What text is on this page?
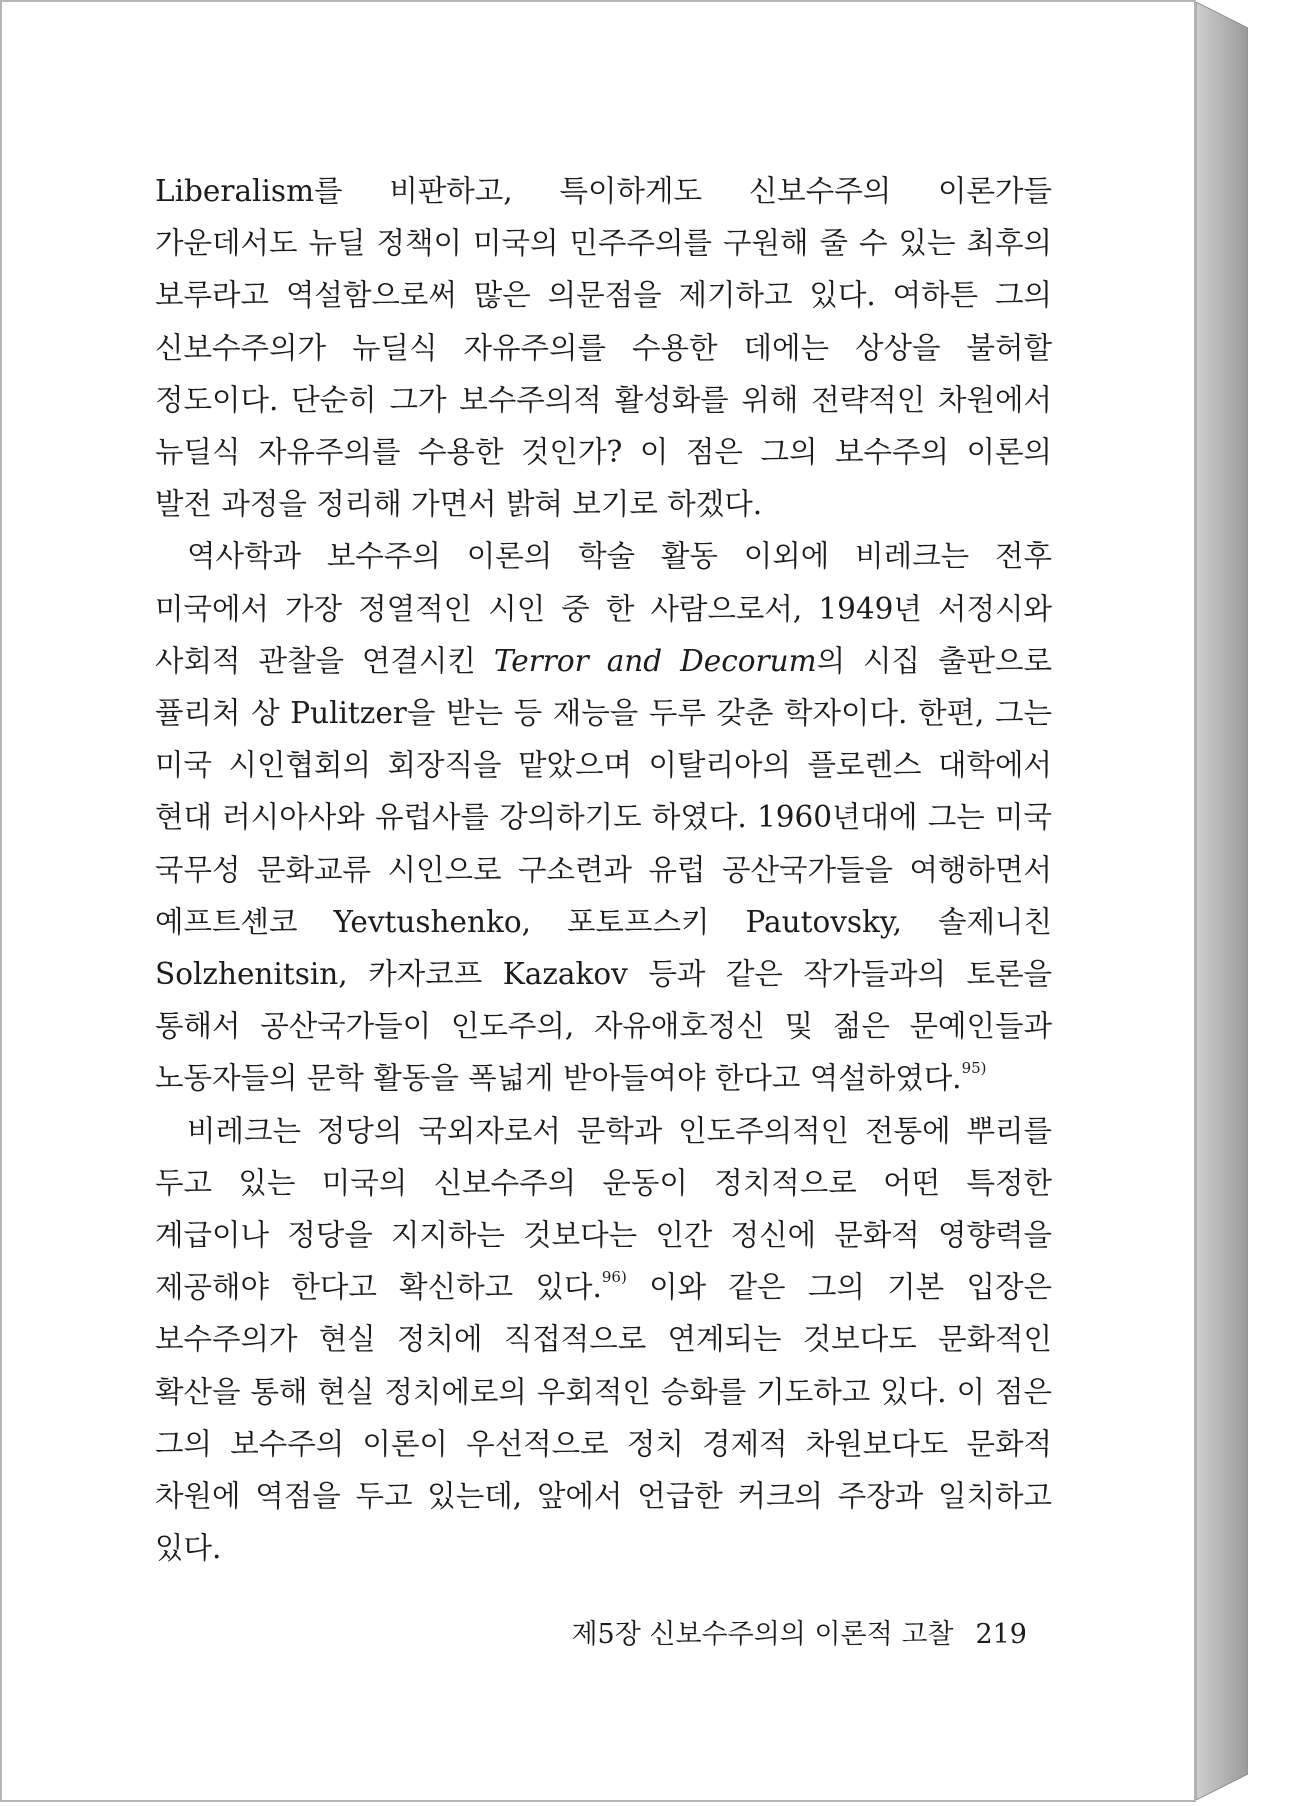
Liberalism를 비판하고, 특이하게도 신보수주의 이론가들 가운데서도 뉴딜 정책이 미국의 민주주의를 구원해 줄 수 있는 최후의 보루라고 역설함으로써 많은 의문점을 제기하고 있다. 여하튼 그의 신보수주의가 뉴딜식 자유주의를 수용한 데에는 상상을 불허할 정도이다. 단순히 그가 보수주의적 활성화를 위해 전략적인 차원에서 뉴딜식 자유주의를 수용한 것인가? 이 점은 그의 보수주의 이론의 발전 과정을 정리해 가면서 밝혀 보기로 하겠다.

역사학과 보수주의 이론의 학술 활동 이외에 비레크는 전후 미국에서 가장 정열적인 시인 중 한 사람으로서, 1949년 서정시와 사회적 관찰을 연결시킨 Terror and Decorum의 시집 출판으로 퓰리처 상 Pulitzer을 받는 등 재능을 두루 갖춘 학자이다. 한편, 그는 미국 시인협회의 회장직을 맡았으며 이탈리아의 플로렌스 대학에서 현대 러시아사와 유럽사를 강의하기도 하였다. 1960년대에 그는 미국 국무성 문화교류 시인으로 구소련과 유럽 공산국가들을 여행하면서 예프트셴코 Yevtushenko, 포토프스키 Pautovsky, 솔제니친 Solzhenitsin, 카자코프 Kazakov 등과 같은 작가들과의 토론을 통해서 공산국가들이 인도주의, 자유애호정신 및 젊은 문예인들과 노동자들의 문학 활동을 폭넓게 받아들여야 한다고 역설하였다.$^{95)}$

비레크는 정당의 국외자로서 문학과 인도주의적인 전통에 뿌리를 두고 있는 미국의 신보수주의 운동이 정치적으로 어떤 특정한 계급이나 정당을 지지하는 것보다는 인간 정신에 문화적 영향력을 제공해야 한다고 확신하고 있다.$^{96)}$ 이와 같은 그의 기본 입장은 보수주의가 현실 정치에 직접적으로 연계되는 것보다도 문화적인 확산을 통해 현실 정치에로의 우회적인 승화를 기도하고 있다. 이 점은 그의 보수주의 이론이 우선적으로 정치 경제적 차원보다도 문화적 차원에 역점을 두고 있는데, 앞에서 언급한 커크의 주장과 일치하고 있다.

제5장 신보수주의의 이론적 고찰 219
